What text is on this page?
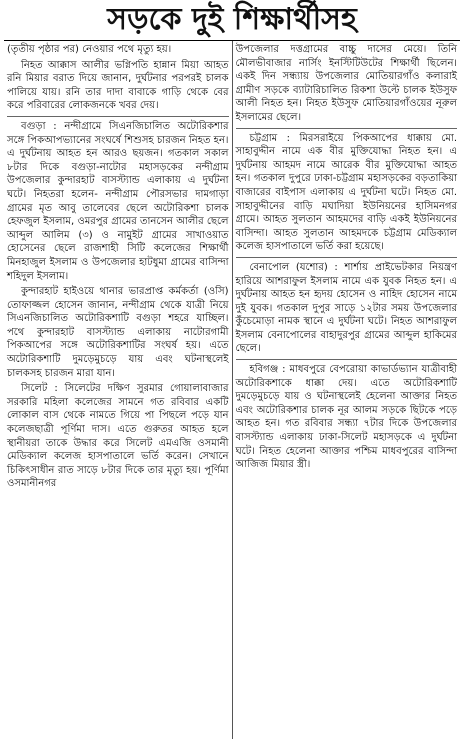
সড়কে দুই শিক্ষার্থীসহ

(তৃতীয় পৃষ্ঠার পর) নেওয়ার পথে মৃত্যু হয়।

নিহত আক্কাস আলীর ভগ্নিপতি হান্নান মিয়া আহত রনি মিয়ার বরাত দিয়ে জানান, দুর্ঘটনার পরপরই চালক পালিয়ে যায়। রনি তার দাদা বাবাকে গাড়ি থেকে বের করে পরিবারের লোকজনকে খবর দেয়।

বগুড়া : নন্দীগ্রামে সিএনজিচালিত অটোরিকশার সঙ্গে পিকআপভ্যানের সংঘর্ষে শিশুসহ চারজন নিহত হন। এ দুর্ঘটনায় আহত হন আরও ছয়জন। গতকাল সকাল ৮টার দিকে বগুড়া-নাটোর মহাসড়কের নন্দীগ্রাম উপজেলার কুন্দারহাট বাসস্ট্যান্ড এলাকায় এ দুর্ঘটনা ঘটে। নিহতরা হলেন- নন্দীগ্রাম পৌরসভার দামগাড়া গ্রামের মৃত আবু তালেবের ছেলে অটোরিকশা চালক হেফজুল ইসলাম, ওমরপুর গ্রামের তানসেন আলীর ছেলে আব্দুল আলিম (৩) ও নামুইট গ্রামের সাখাওয়াত হোসেনের ছেলে রাজশাহী সিটি কলেজের শিক্ষার্থী মিনহাজুল ইসলাম ও উপজেলার হাটধুমা গ্রামের বাসিন্দা শহিদুল ইসলাম।

কুন্দারহাট হাইওয়ে থানার ভারপ্রাপ্ত কর্মকর্তা (ওসি) তোফাজ্জল হোসেন জানান, নন্দীগ্রাম থেকে যাত্রী নিয়ে সিএনজিচালিত অটোরিকশাটি বগুড়া শহরে যাচ্ছিল। পথে কুন্দারহাট বাসস্ট্যান্ড এলাকায় নাটোরগামী পিকআপের সঙ্গে অটোরিকশাটির সংঘর্ষ হয়। এতে অটোরিকশাটি দুমড়েমুচড়ে যায় এবং ঘটনাস্থলেই চালকসহ চারজন মারা যান।

সিলেট : সিলেটের দক্ষিণ সুরমার গোয়ালাবাজার সরকারি মহিলা কলেজের সামনে গত রবিবার একটি লোকাল বাস থেকে নামতে গিয়ে পা পিছলে পড়ে যান কলেজছাত্রী পূর্ণিমা দাস। এতে গুরুতর আহত হলে স্থানীয়রা তাকে উদ্ধার করে সিলেট এমএজি ওসমানী মেডিক্যাল কলেজ হাসপাতালে ভর্তি করেন। সেখানে চিকিৎসাধীন রাত সাড়ে ৮টার দিকে তার মৃত্যু হয়। পূর্ণিমা ওসমানীনগর

উপজেলার দত্তগ্রামের বাচ্চু দাসের মেয়ে। তিনি মৌলভীবাজার নার্সিং ইনস্টিটিউটের শিক্ষার্থী ছিলেন। একই দিন সন্ধ্যায় উপজেলার মোতিয়ারগাঁও কলারাই গ্রামীণ সড়কে ব্যাটারিচালিত রিকশা উল্টে চালক ইউসুফ আলী নিহত হন। নিহত ইউসুফ মোতিয়ারগাঁওয়ের নূরুল ইসলামের ছেলে।

চট্টগ্রাম : মিরসরাইয়ে পিকআপের ধাক্কায় মো. সাহাবুদ্দীন নামে এক বীর মুক্তিযোদ্ধা নিহত হন। এ দুর্ঘটনায় আহমদ নামে আরেক বীর মুক্তিযোদ্ধা আহত হন। গতকাল দুপুরে ঢাকা-চট্টগ্রাম মহাসড়কের বড়তাকিয়া বাজারের বাইপাস এলাকায় এ দুর্ঘটনা ঘটে। নিহত মো. সাহাবুদ্দীনের বাড়ি মঘাদিয়া ইউনিয়নের হাসিমনগর গ্রামে। আহত সুলতান আহমদের বাড়ি একই ইউনিয়নের বাসিন্দা। আহত সুলতান আহমদকে চট্টগ্রাম মেডিক্যাল কলেজ হাসপাতালে ভর্তি করা হয়েছে।

বেনাপোল (যশোর) : শার্শায় প্রাইভেটকার নিয়ন্ত্রণ হারিয়ে আশরাফুল ইসলাম নামে এক যুবক নিহত হন। এ দুর্ঘটনায় আহত হন হৃদয় হোসেন ও নাহিদ হোসেন নামে দুই যুবক। গতকাল দুপুর সাড়ে ১২টার সময় উপজেলার কুঁচেমোড়া নামক স্থানে এ দুর্ঘটনা ঘটে। নিহত আশরাফুল ইসলাম বেনাপোলের বাহাদুরপুর গ্রামের আব্দুল হাকিমের ছেলে।

হবিগঞ্জ : মাধবপুরে বেপরোয়া কাভার্ডভ্যান যাত্রীবাহী অটোরিকশাকে ধাক্কা দেয়। এতে অটোরিকশাটি দুমড়েমুচড়ে যায় ও ঘটনাস্থলেই হেলেনা আক্তার নিহত এবং অটোরিকশার চালক নূর আলম সড়কে ছিটকে পড়ে আহত হন। গত রবিবার সন্ধ্যা ৭টার দিকে উপজেলার বাসস্ট্যান্ড এলাকায় ঢাকা-সিলেট মহাসড়কে এ দুর্ঘটনা ঘটে। নিহত হেলেনা আক্তার পশ্চিম মাধবপুরের বাসিন্দা আজিজ মিয়ার স্ত্রী।
